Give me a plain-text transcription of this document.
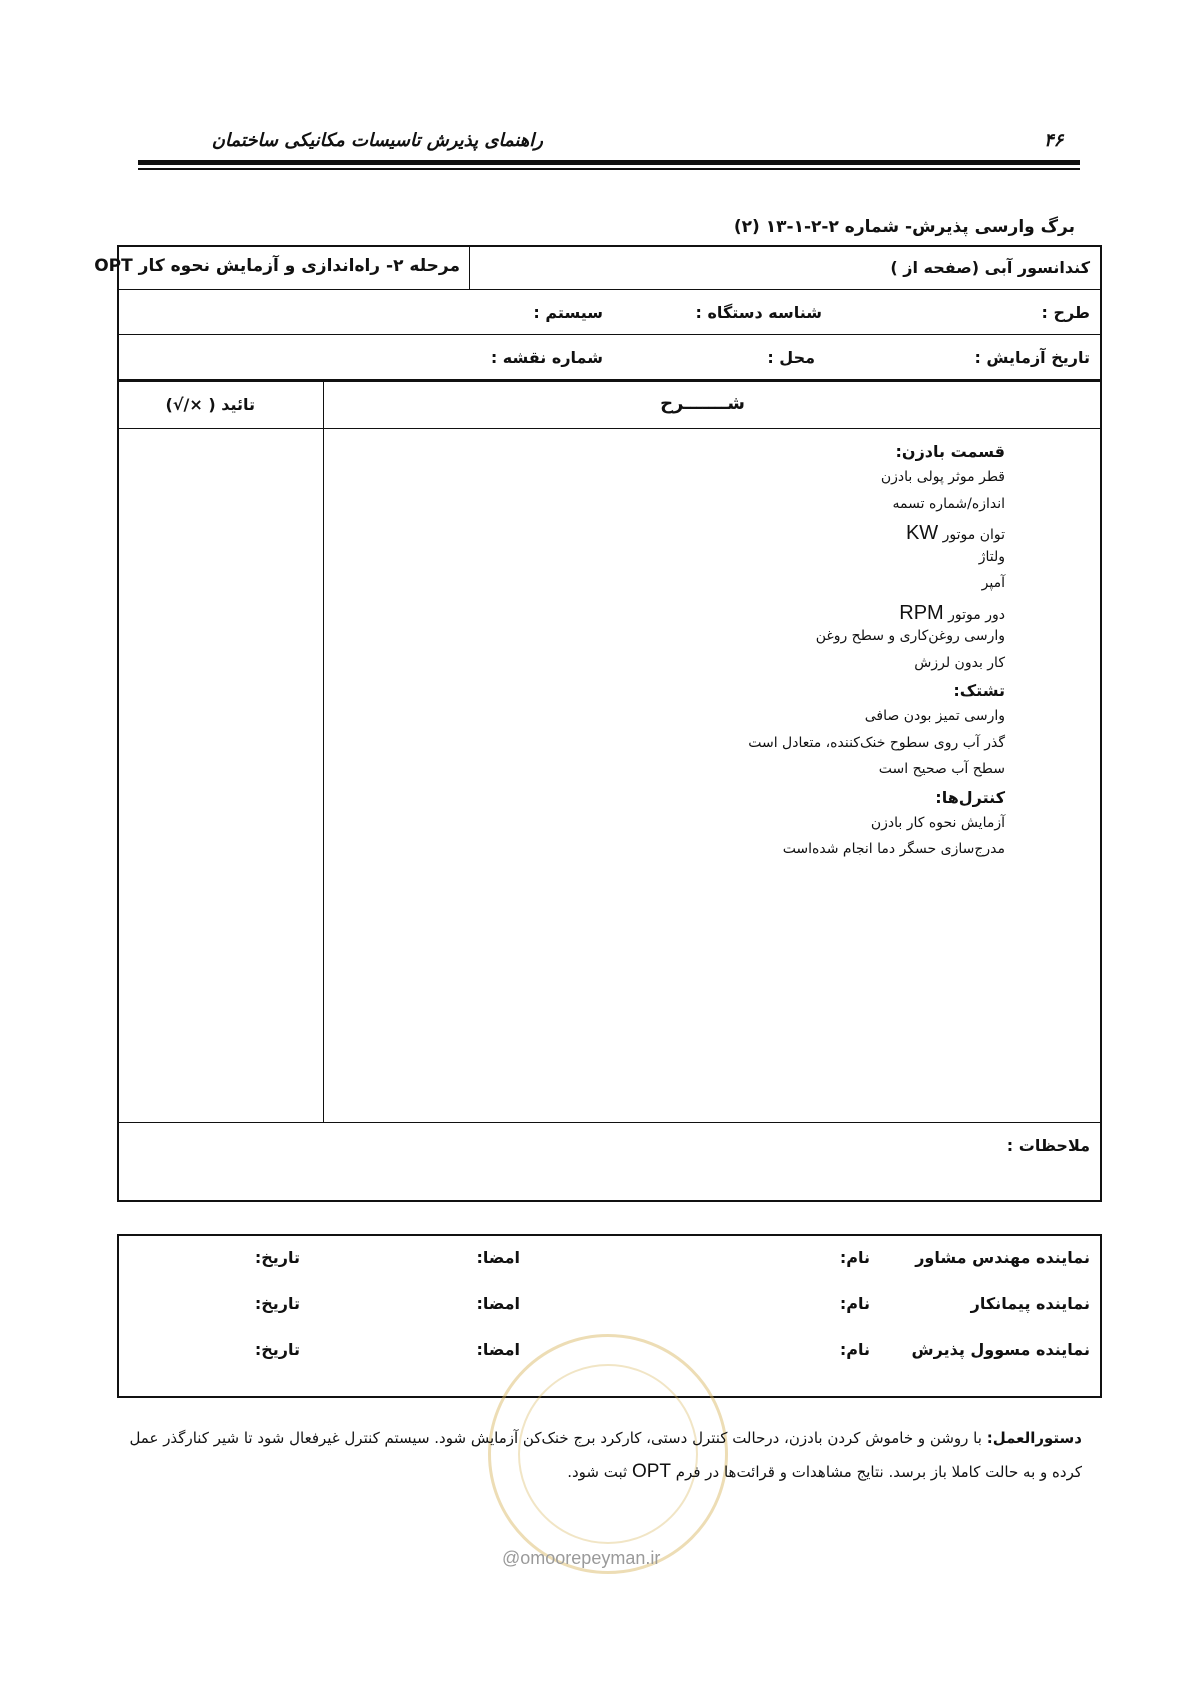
راهنمای پذیرش تاسیسات مکانیکی ساختمان	۴۶
برگ وارسی پذیرش- شماره ۲-۲-۱-۱۳ (۲)
کندانسور آبی (صفحه از )
مرحله ۲- راه‌اندازی و آزمایش نحوه کار OPT
طرح :
شناسه دستگاه :
سیستم :
تاریخ آزمایش :
محل :
شماره نقشه :
شـــــــرح
تائید ( ×/√)
قسمت بادزن:
قطر موثر پولی بادزن
اندازه/شماره تسمه
توان موتور KW
ولتاژ
آمپر
دور موتور RPM
وارسی روغن‌کاری و سطح روغن
کار بدون لرزش
تشتک:
وارسی تمیز بودن صافی
گذر آب روی سطوح خنک‌کننده، متعادل است
سطح آب صحیح است
کنترل‌ها:
آزمایش نحوه کار بادزن
مدرج‌سازی حسگر دما انجام شده‌است
ملاحظات :
نماینده مهندس مشاور
نام:
امضا:
تاریخ:
نماینده پیمانکار
نام:
امضا:
تاریخ:
نماینده مسوول پذیرش
نام:
امضا:
تاریخ:
دستورالعمل: با روشن و خاموش کردن بادزن، درحالت کنترل دستی، کارکرد برج خنک‌کن آزمایش شود. سیستم کنترل غیرفعال شود تا شیر کنارگذر عمل کرده و به حالت کاملا باز برسد. نتایج مشاهدات و قرائت‌ها در فرم OPT ثبت شود.
@omoorepeyman.ir
